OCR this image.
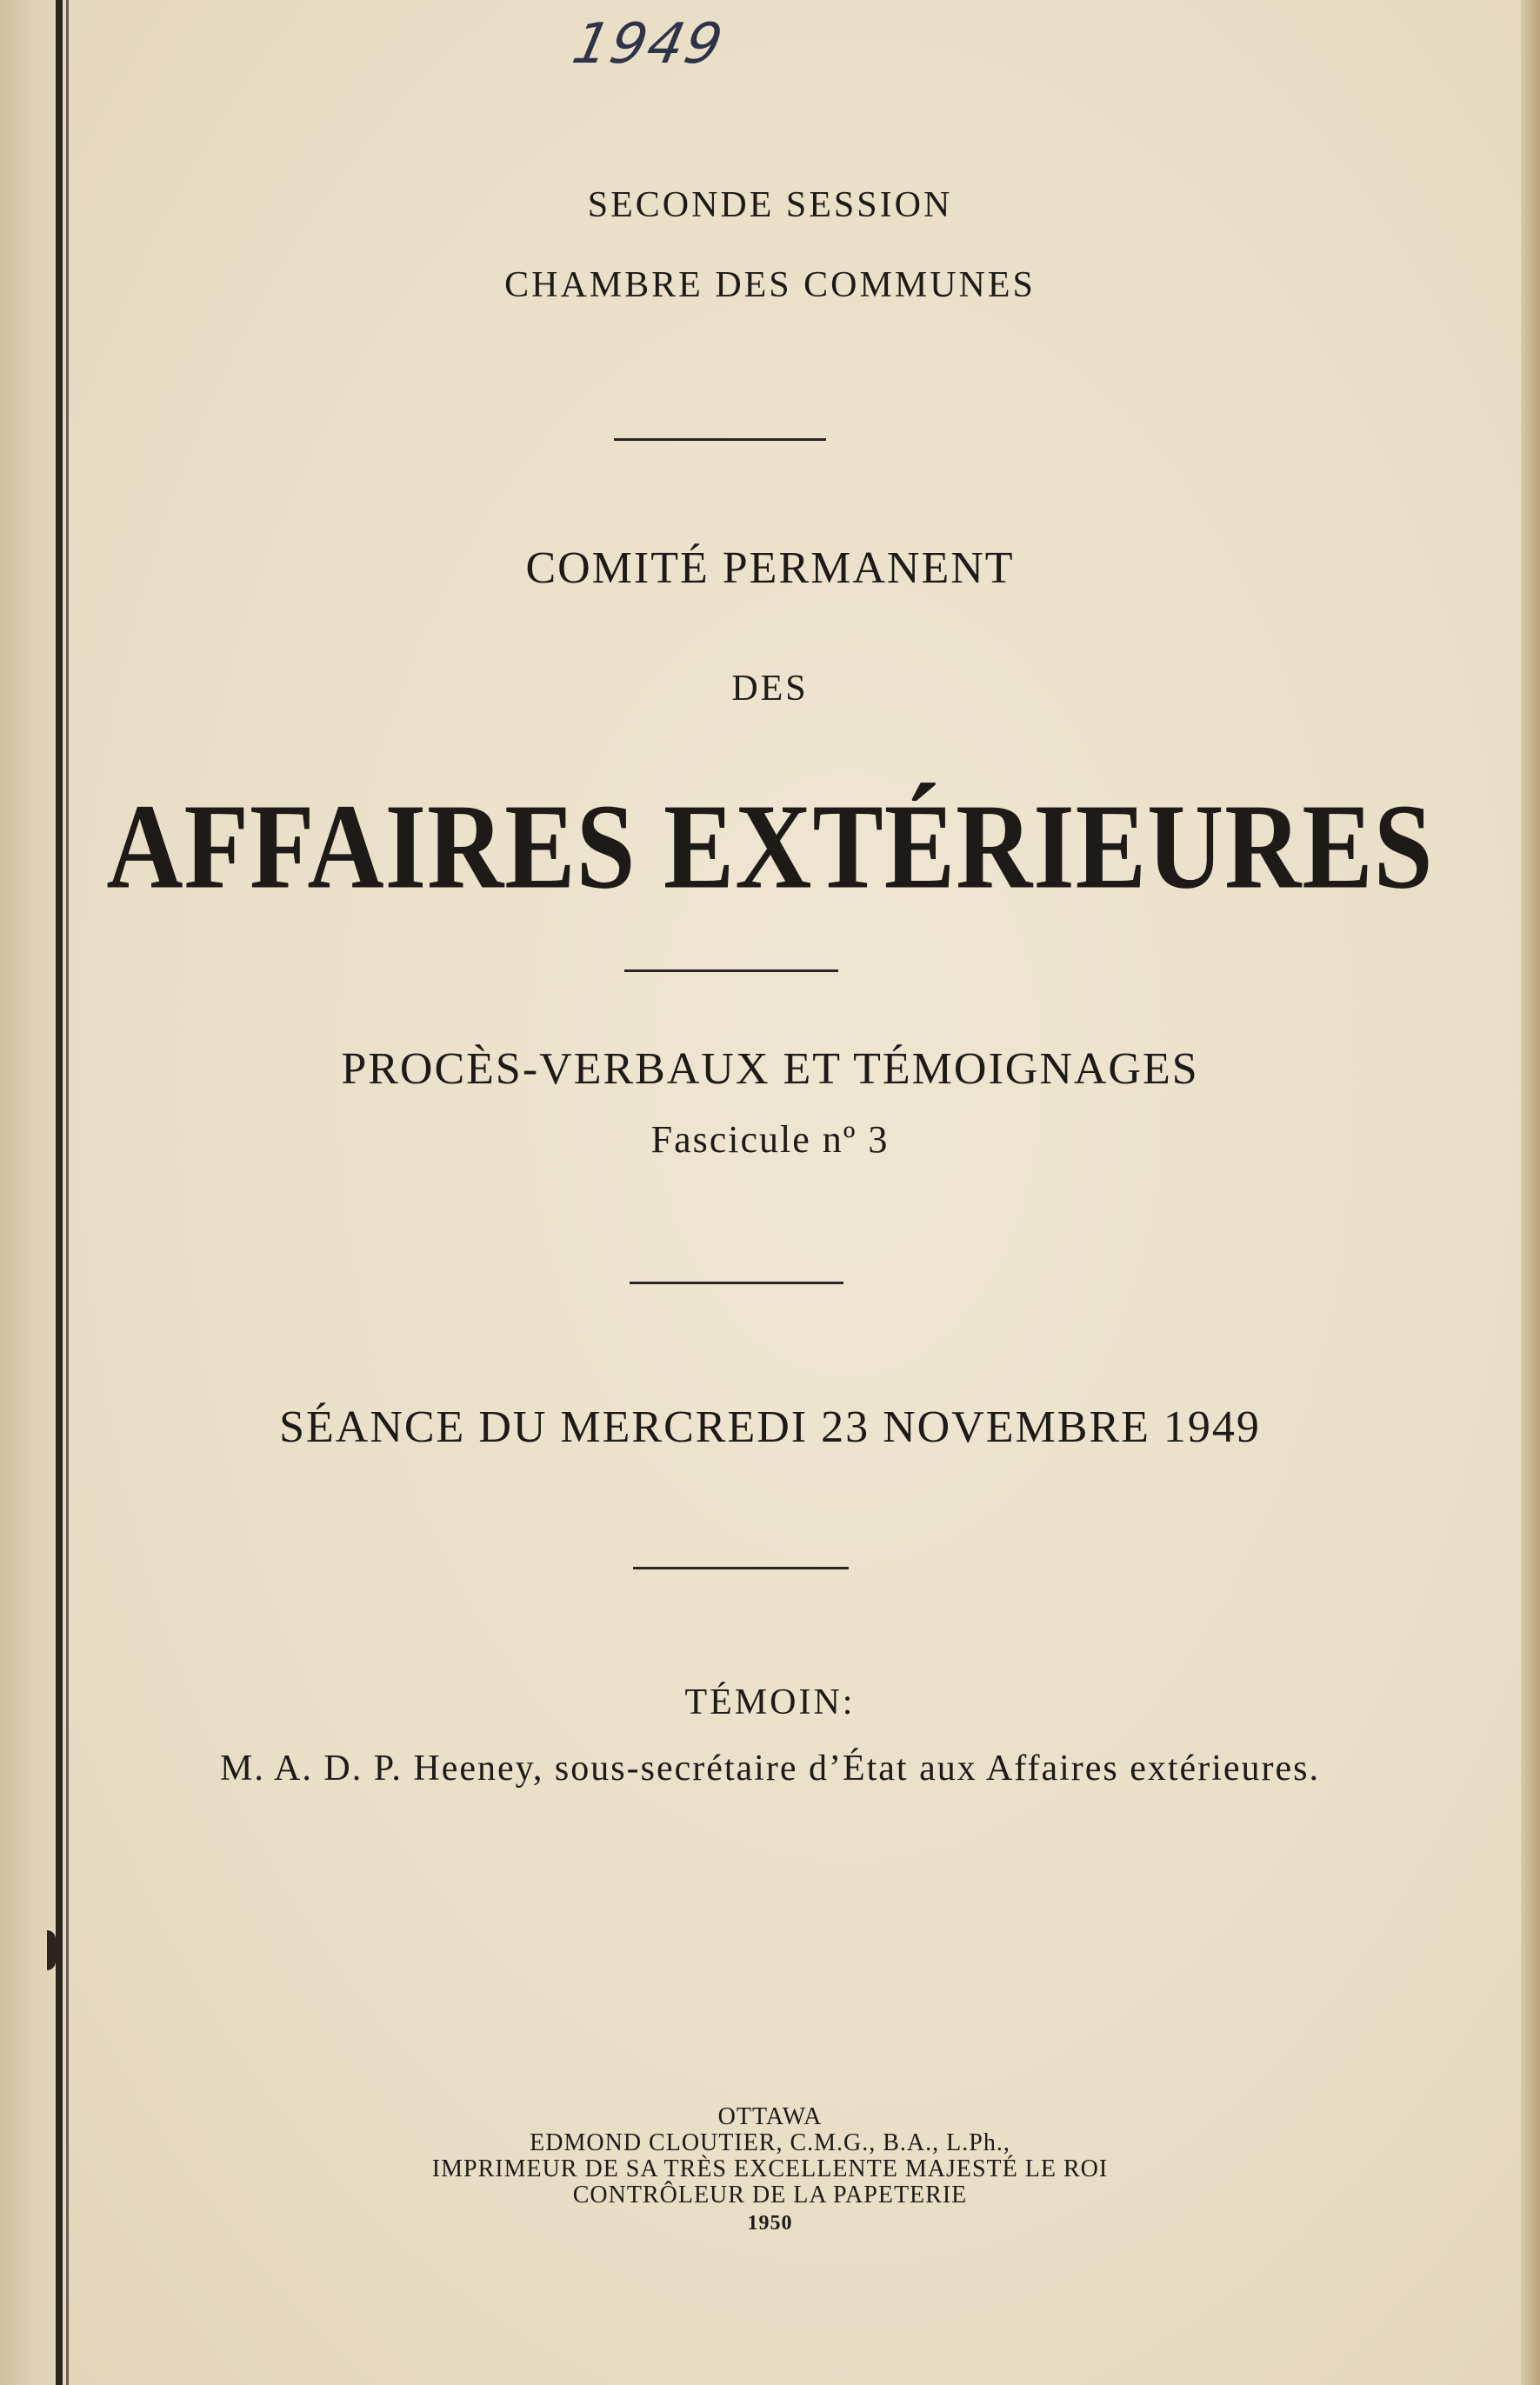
1949
SECONDE SESSION
CHAMBRE DES COMMUNES
COMITÉ PERMANENT
DES
AFFAIRES EXTÉRIEURES
PROCÈS-VERBAUX ET TÉMOIGNAGES
Fascicule nº 3
SÉANCE DU MERCREDI 23 NOVEMBRE 1949
TÉMOIN:
M. A. D. P. Heeney, sous-secrétaire d’État aux Affaires extérieures.
OTTAWA
EDMOND CLOUTIER, C.M.G., B.A., L.Ph.,
IMPRIMEUR DE SA TRÈS EXCELLENTE MAJESTÉ LE ROI
CONTRÔLEUR DE LA PAPETERIE
1950
